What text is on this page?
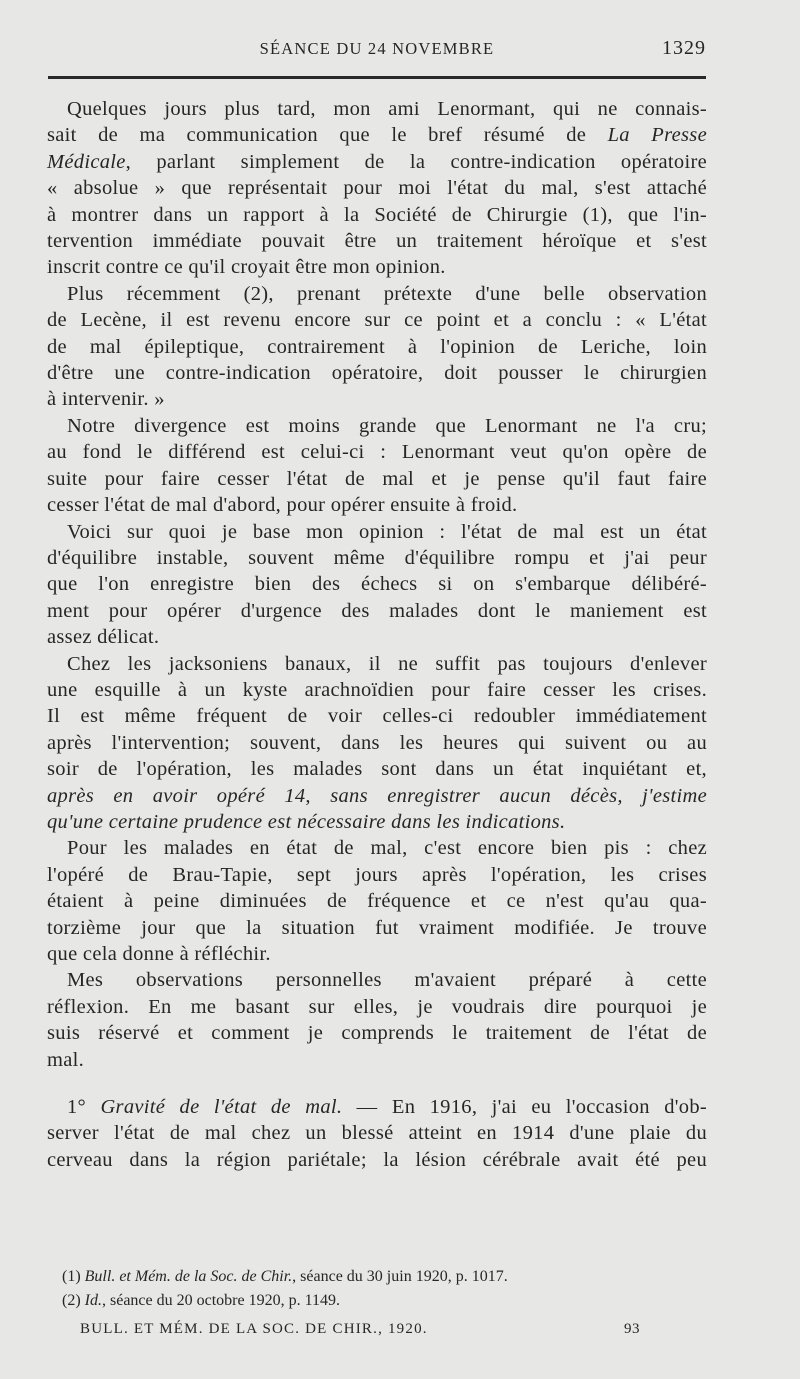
SÉANCE DU 24 NOVEMBRE	1329
Quelques jours plus tard, mon ami Lenormant, qui ne connais-
sait de ma communication que le bref résumé de La Presse
Médicale, parlant simplement de la contre-indication opératoire
« absolue » que représentait pour moi l'état du mal, s'est attaché
à montrer dans un rapport à la Société de Chirurgie (1), que l'in-
tervention immédiate pouvait être un traitement héroïque et s'est
inscrit contre ce qu'il croyait être mon opinion.
Plus récemment (2), prenant prétexte d'une belle observation
de Lecène, il est revenu encore sur ce point et a conclu : « L'état
de mal épileptique, contrairement à l'opinion de Leriche, loin
d'être une contre-indication opératoire, doit pousser le chirurgien
à intervenir. »
Notre divergence est moins grande que Lenormant ne l'a cru;
au fond le différend est celui-ci : Lenormant veut qu'on opère de
suite pour faire cesser l'état de mal et je pense qu'il faut faire
cesser l'état de mal d'abord, pour opérer ensuite à froid.
Voici sur quoi je base mon opinion : l'état de mal est un état
d'équilibre instable, souvent même d'équilibre rompu et j'ai peur
que l'on enregistre bien des échecs si on s'embarque délibéré-
ment pour opérer d'urgence des malades dont le maniement est
assez délicat.
Chez les jacksoniens banaux, il ne suffit pas toujours d'enlever
une esquille à un kyste arachnoïdien pour faire cesser les crises.
Il est même fréquent de voir celles-ci redoubler immédiatement
après l'intervention; souvent, dans les heures qui suivent ou au
soir de l'opération, les malades sont dans un état inquiétant et,
après en avoir opéré 14, sans enregistrer aucun décès, j'estime
qu'une certaine prudence est nécessaire dans les indications.
Pour les malades en état de mal, c'est encore bien pis : chez
l'opéré de Brau-Tapie, sept jours après l'opération, les crises
étaient à peine diminuées de fréquence et ce n'est qu'au qua-
torzième jour que la situation fut vraiment modifiée. Je trouve
que cela donne à réfléchir.
Mes observations personnelles m'avaient préparé à cette
réflexion. En me basant sur elles, je voudrais dire pourquoi je
suis réservé et comment je comprends le traitement de l'état de
mal.
1° Gravité de l'état de mal. — En 1916, j'ai eu l'occasion d'ob-
server l'état de mal chez un blessé atteint en 1914 d'une plaie du
cerveau dans la région pariétale; la lésion cérébrale avait été peu
(1) Bull. et Mém. de la Soc. de Chir., séance du 30 juin 1920, p. 1017.
(2) Id., séance du 20 octobre 1920, p. 1149.
BULL. ET MÉM. DE LA SOC. DE CHIR., 1920.	93
